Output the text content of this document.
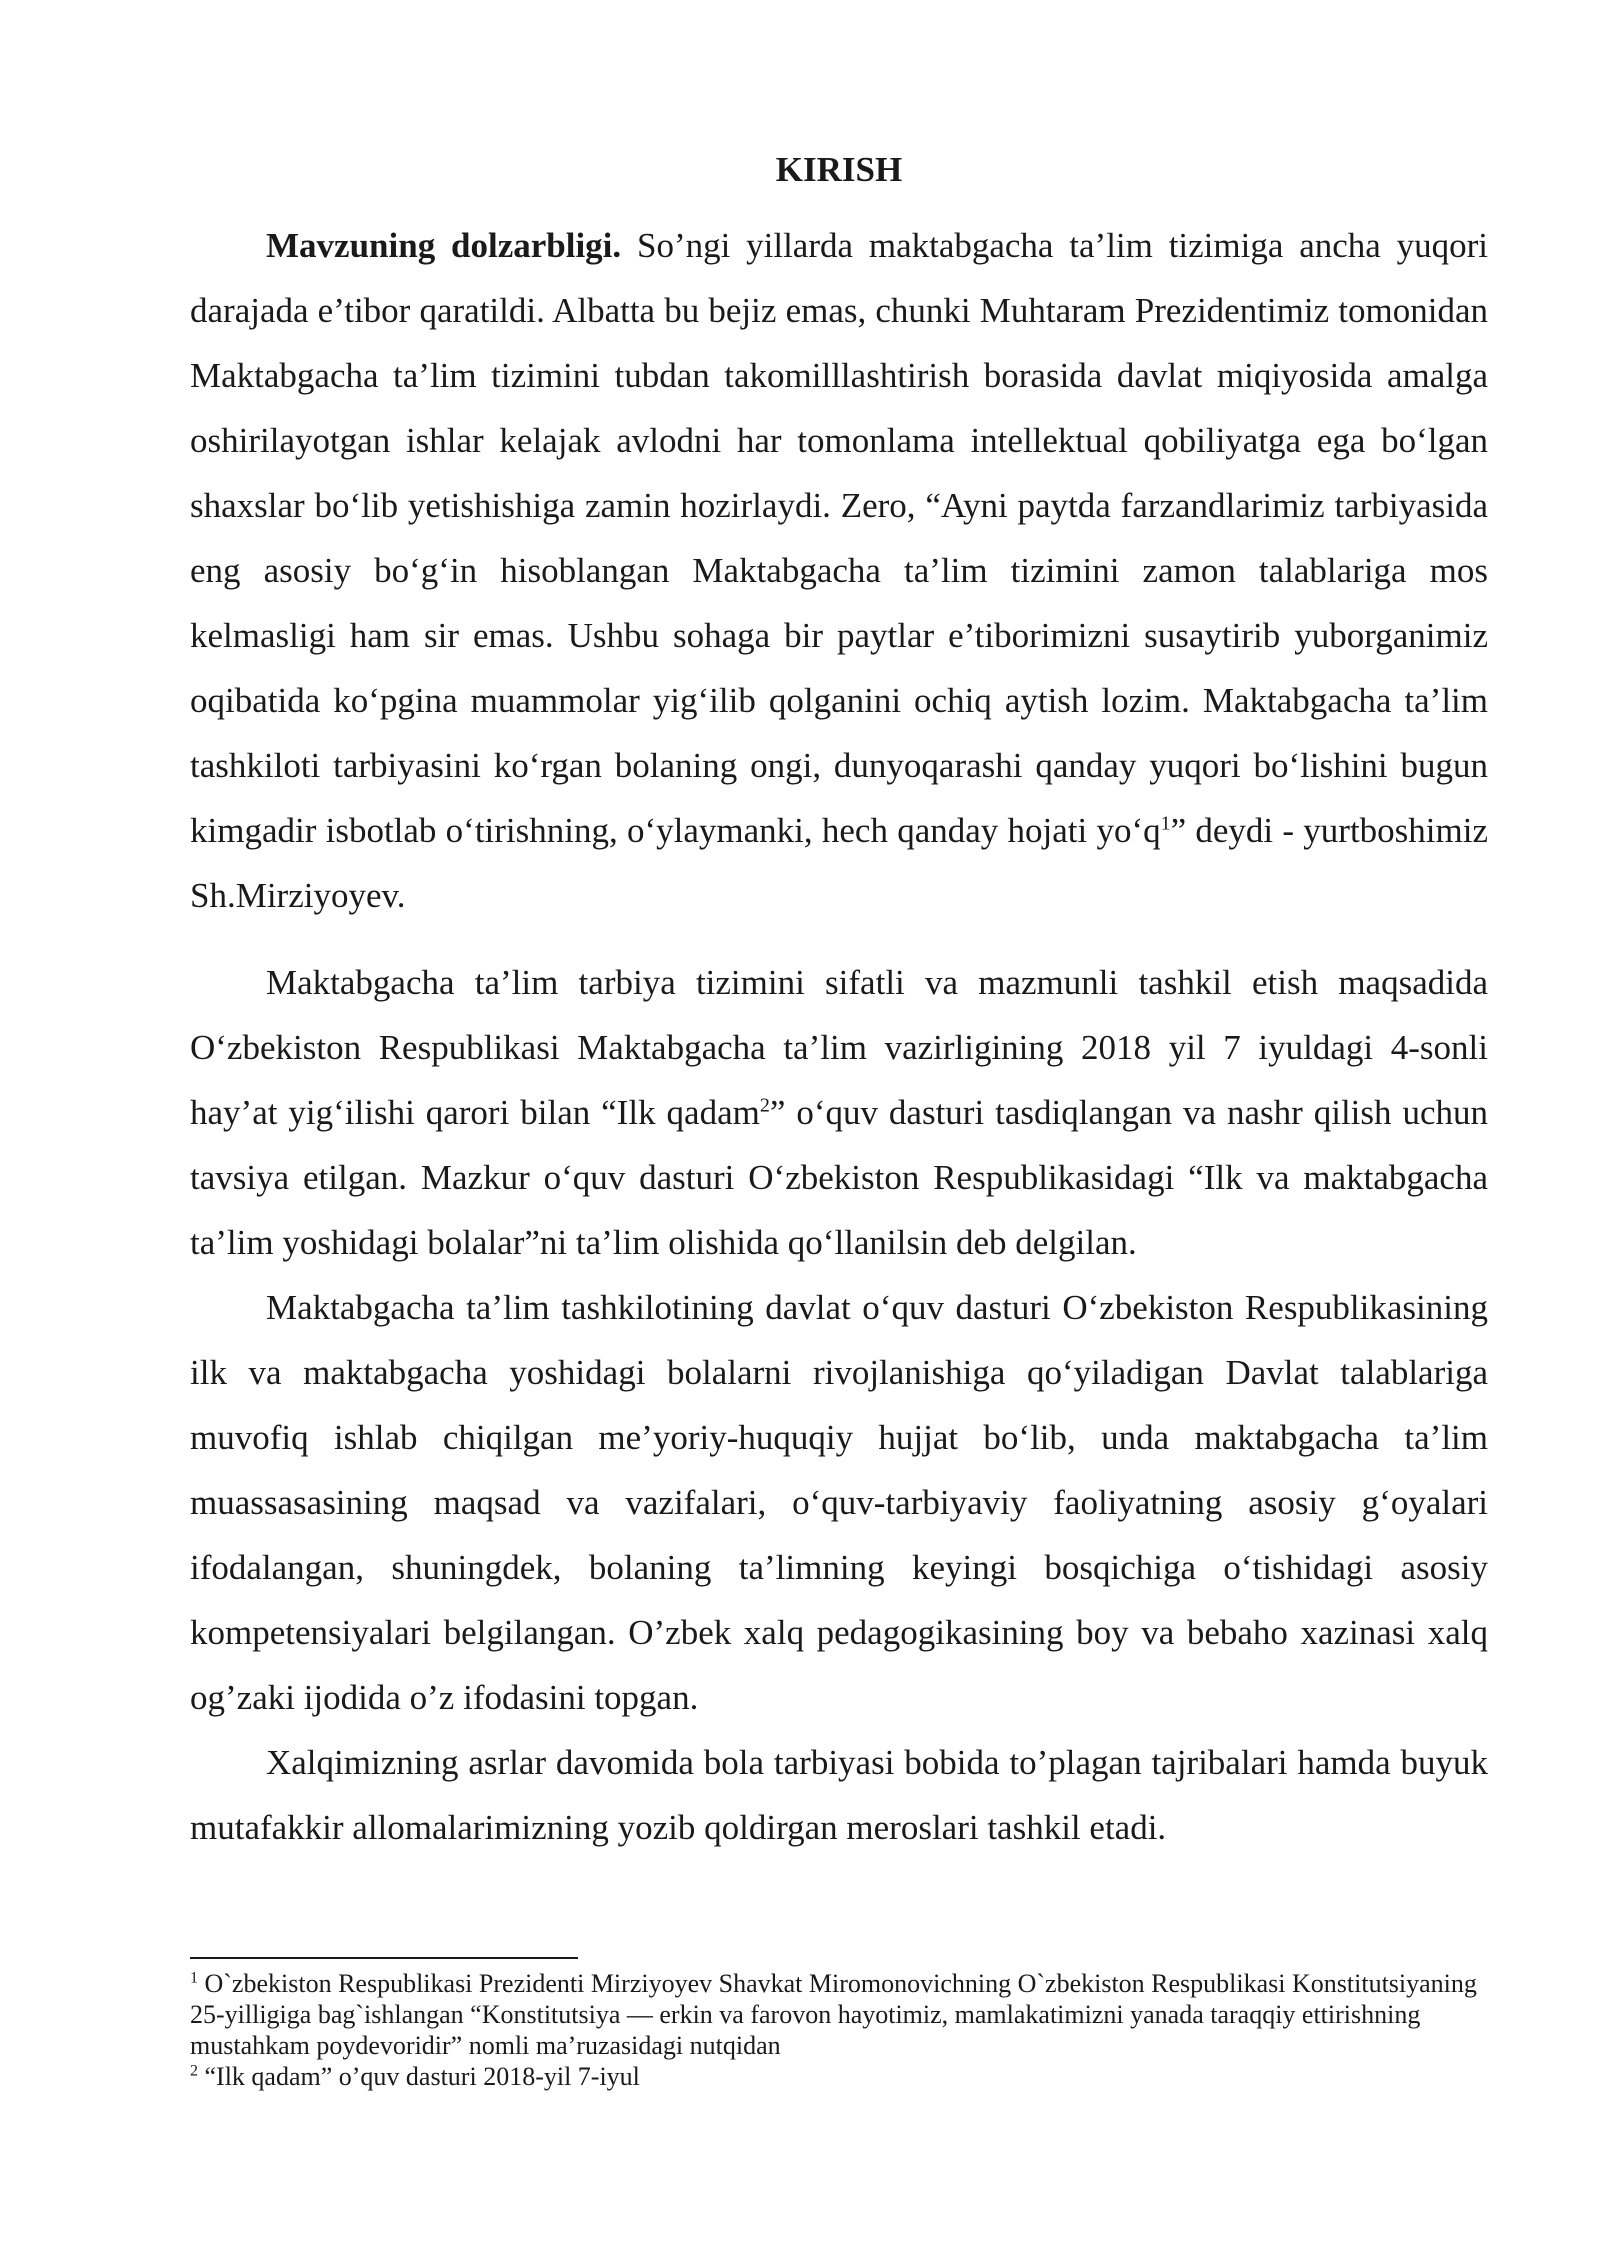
KIRISH

Mavzuning dolzarbligi. So’ngi yillarda maktabgacha ta’lim tizimiga ancha yuqori darajada e’tibor qaratildi. Albatta bu bejiz emas, chunki Muhtaram Prezidentimiz tomonidan Maktabgacha ta’lim tizimini tubdan takomilllashtirish borasida davlat miqiyosida amalga oshirilayotgan ishlar kelajak avlodni har tomonlama intellektual qobiliyatga ega bo‘lgan shaxslar bo‘lib yetishishiga zamin hozirlaydi. Zero, “Ayni paytda farzandlarimiz tarbiyasida eng asosiy bo‘g‘in hisoblangan Maktabgacha ta’lim tizimini zamon talablariga mos kelmasligi ham sir emas. Ushbu sohaga bir paytlar e’tiborimizni susaytirib yuborganimiz oqibatida ko‘pgina muammolar yig‘ilib qolganini ochiq aytish lozim. Maktabgacha ta’lim tashkiloti tarbiyasini ko‘rgan bolaning ongi, dunyoqarashi qanday yuqori bo‘lishini bugun kimgadir isbotlab o‘tirishning, o‘ylaymanki, hech qanday hojati $yo‘q^1$” deydi - yurtboshimiz Sh.Mirziyoyev.

Maktabgacha ta’lim tarbiya tizimini sifatli va mazmunli tashkil etish maqsadida O‘zbekiston Respublikasi Maktabgacha ta’lim vazirligining 2018 yil 7 iyuldagi 4-sonli hay’at yig‘ilishi qarori bilan “Ilk qadam$^2$” o‘quv dasturi tasdiqlangan va nashr qilish uchun tavsiya etilgan. Mazkur o‘quv dasturi O‘zbekiston Respublikasidagi “Ilk va maktabgacha ta’lim yoshidagi bolalar”ni ta’lim olishida qo‘llanilsin deb delgilan.

Maktabgacha ta’lim tashkilotining davlat o‘quv dasturi O‘zbekiston Respublikasining ilk va maktabgacha yoshidagi bolalarni rivojlanishiga qo‘yiladigan Davlat talablariga muvofiq ishlab chiqilgan me’yoriy-huquqiy hujjat bo‘lib, unda maktabgacha ta’lim muassasasining maqsad va vazifalari, o‘quv-tarbiyaviy faoliyatning asosiy g‘oyalari ifodalangan, shuningdek, bolaning ta’limning keyingi bosqichiga o‘tishidagi asosiy kompetensiyalari belgilangan. O’zbek xalq pedagogikasining boy va bebaho xazinasi xalq og’zaki ijodida o’z ifodasini topgan.

Xalqimizning asrlar davomida bola tarbiyasi bobida to’plagan tajribalari hamda buyuk mutafakkir allomalarimizning yozib qoldirgan meroslari tashkil etadi.

$^1$ O`zbekiston Respublikasi Prezidenti Mirziyoyev Shavkat Miromonovichning O`zbekiston Respublikasi Konstitutsiyaning 25-yilligiga bag`ishlangan “Konstitutsiya — erkin va farovon hayotimiz, mamlakatimizni yanada taraqqiy ettirishning mustahkam poydevoridir” nomli ma’ruzasidagi nutqidan

$^2$ “Ilk qadam” o’quv dasturi 2018-yil 7-iyul
